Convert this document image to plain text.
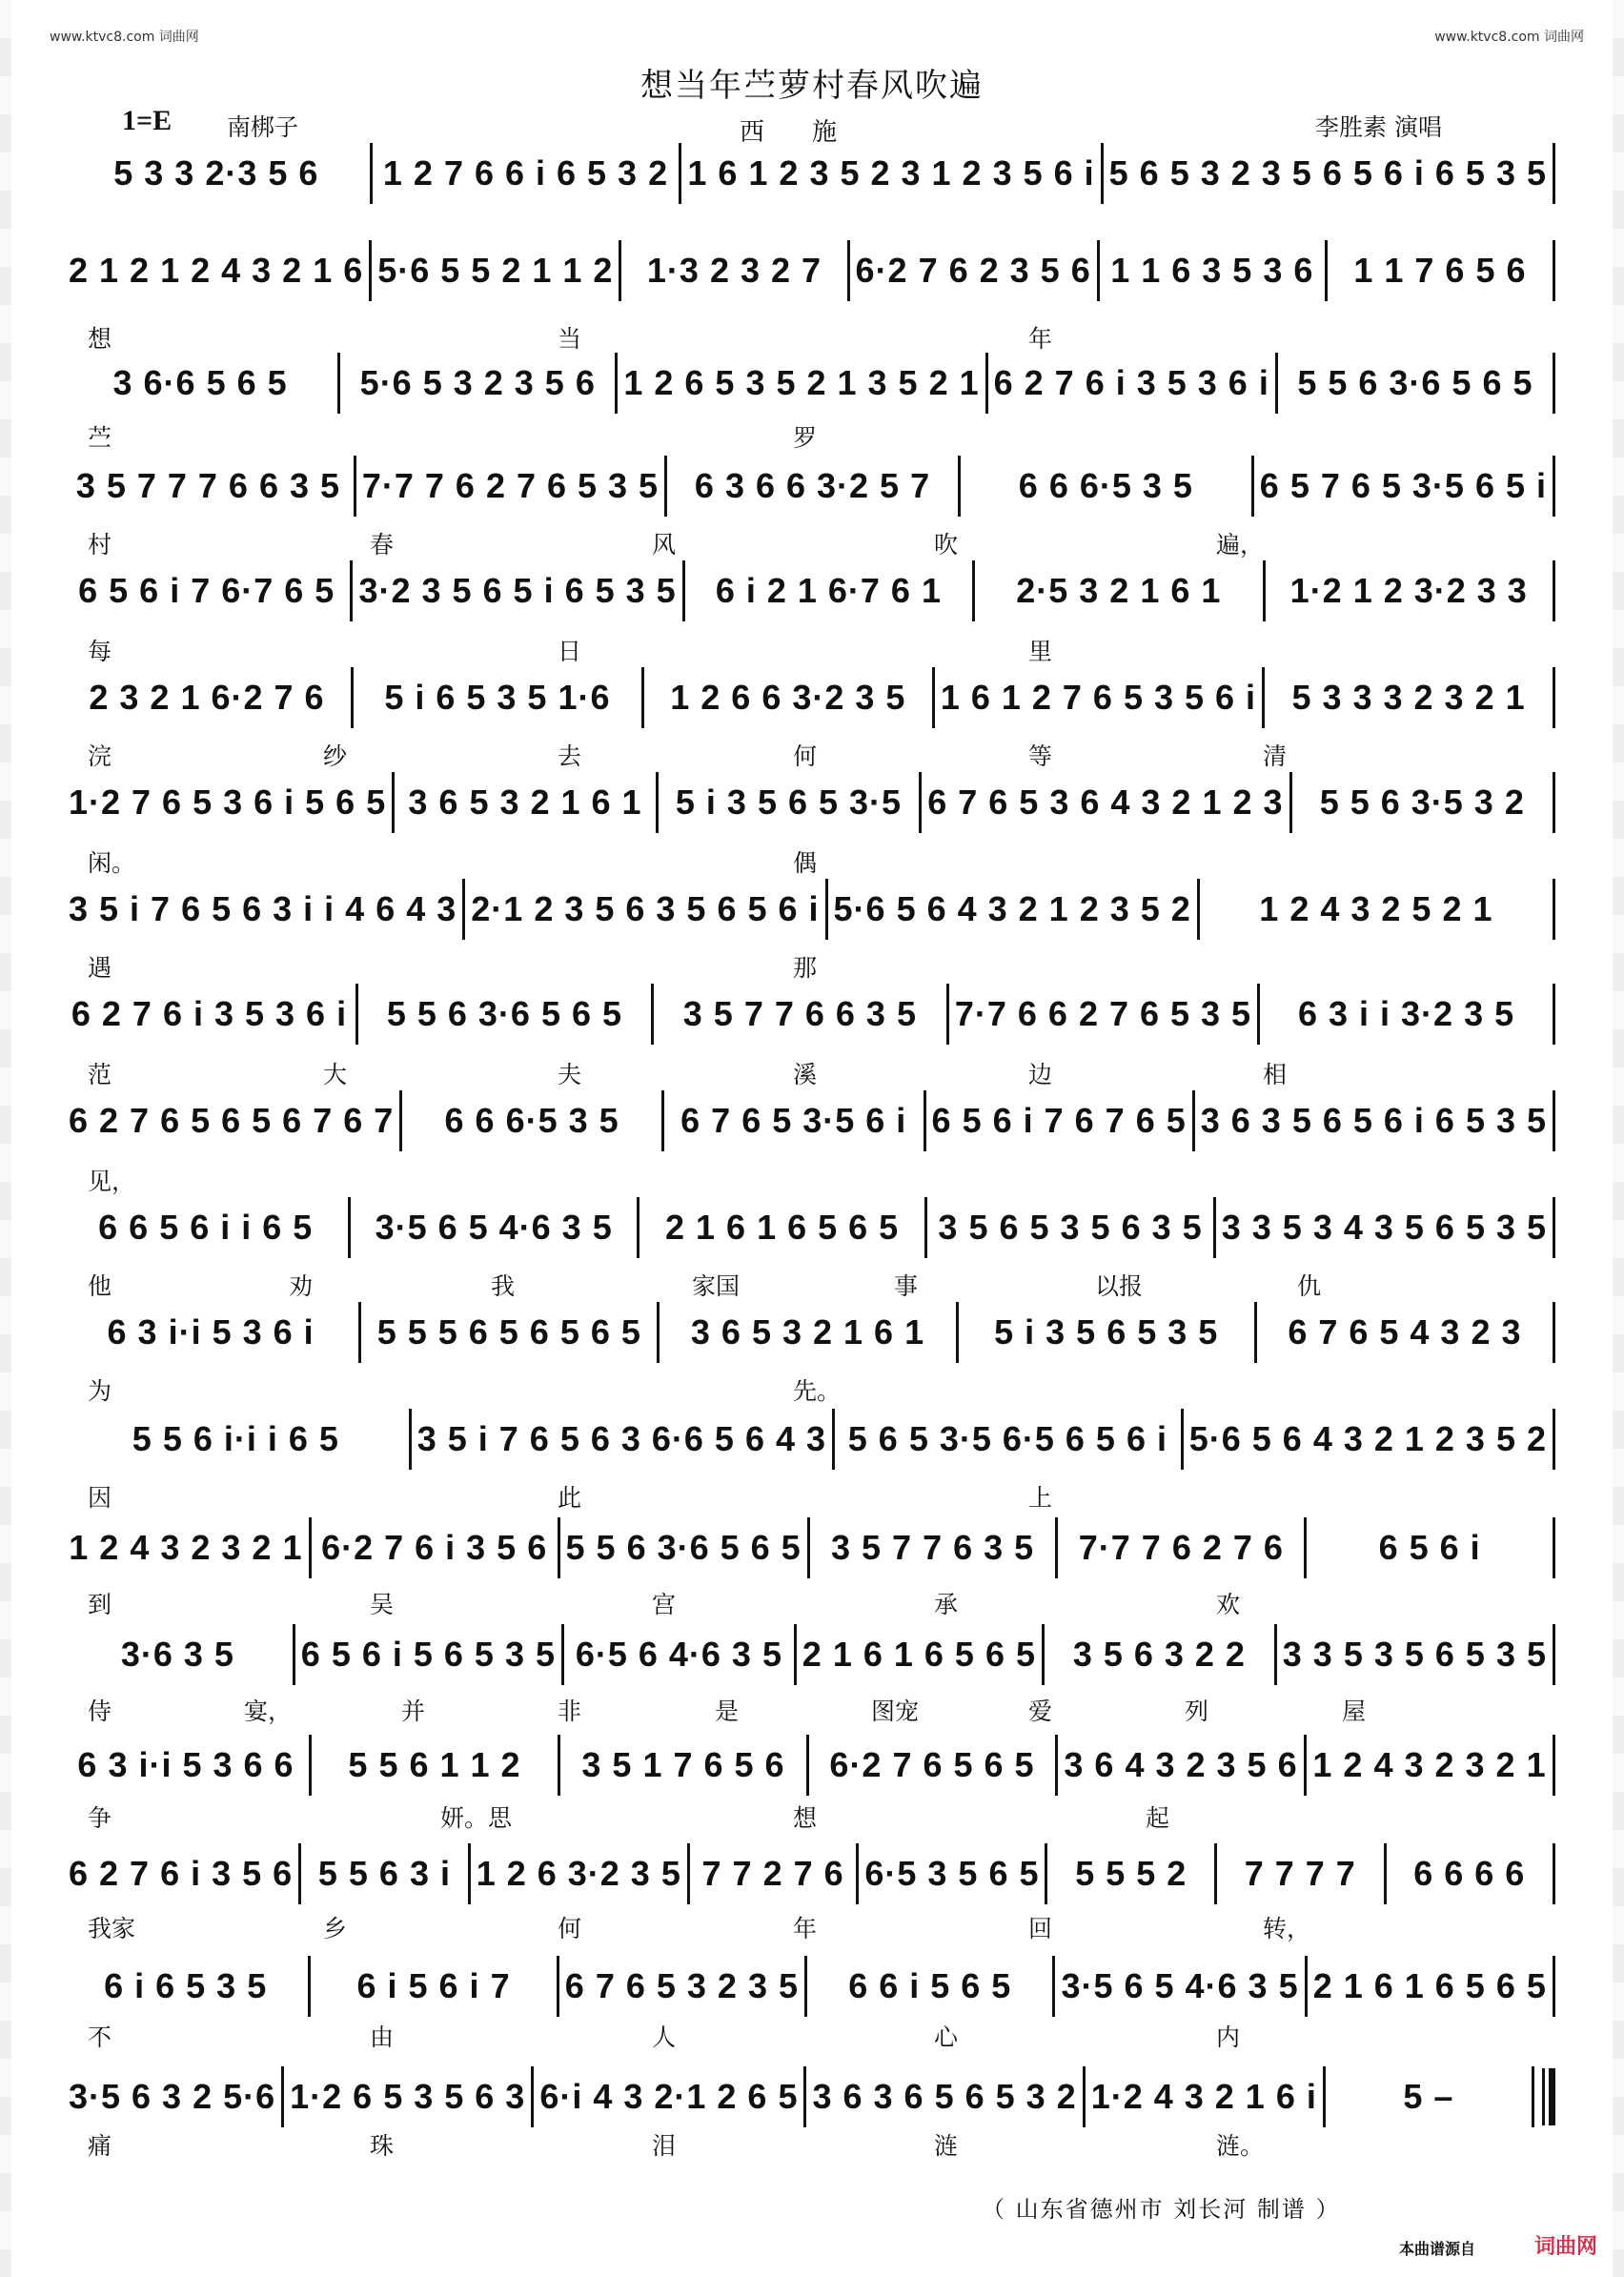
www.ktvc8.com 词曲网	www.ktvc8.com 词曲网
想当年苎萝村春风吹遍
1=E 南梆子	西施	李胜素 演唱
5 3 3 2·3 5 6	1 2 7 6 6 i 6 5 3 2 1 6 1 2 3 5 2 3 1 2 3 5 6 i 5 6 5 3 2 3 5 6 5 6 i 6 5 3 5
2 1 2 1 2 4 3 2 1 6 5·6 5 5 2 1 1 2 1·3 2 3 2 7 6·2 7 6 2 3 5 6 1 1 6 3 5 3 6	1 1 7 6 5 6
想	当	年
3 6·6 5 6 5	5·6 5 3 2 3 5 6 1 2 6 5 3 5 2 1 3 5 2 1 6 2 7 6 i 3 5 3 6 i 5 5 6 3·6 5 6 5
苎	罗
3 5 7 7 7 6 6 3 5 7·7 7 6 2 7 6 5 3 5	6 3 6 6 3·2 5 7	6 6 6·5 3 5	6 5 7 6 5 3·5 6 5 i
村	春	风	吹	遍，
6 5 6 i 7 6·7 6 5 3·2 3 5 6 5 i 6 5 3 5	6 i 2 1 6·7 6 1	2·5 3 2 1 6 1	1·2 1 2 3·2 3 3
每	日	里
2 3 2 1 6·2 7 6	5 i 6 5 3 5 1·6	1 2 6 6 3·2 3 5	1 6 1 2 7 6 5 3 5 6 i	5 3 3 3 2 3 2 1
浣	纱	去	何	等	清
1·2 7 6 5 3 6 i 5 6 5 3 6 5 3 2 1 6 1 5 i 3 5 6 5 3·5 6 7 6 5 3 6 4 3 2 1 2 3	5 5 6 3·5 3 2
闲。	偶
3 5 i 7 6 5 6 3 i i 4 6 4 3 2·1 2 3 5 6 3 5 6 5 6 i 5·6 5 6 4 3 2 1 2 3 5 2	1 2 4 3 2 5 2 1
遇	那
6 2 7 6 i 3 5 3 6 i	5 5 6 3·6 5 6 5	3 5 7 7 6 6 3 5	7·7 6 6 2 7 6 5 3 5	6 3 i i 3·2 3 5
范	大	夫	溪	边	相
6 2 7 6 5 6 5 6 7 6 7	6 6 6·5 3 5	6 7 6 5 3·5 6 i 6 5 6 i 7 6 7 6 5 3 6 3 5 6 5 6 i 6 5 3 5
见，
6 6 5 6 i i 6 5	3·5 6 5 4·6 3 5	2 1 6 1 6 5 6 5	3 5 6 5 3 5 6 3 5 3 3 5 3 4 3 5 6 5 3 5
他	劝	我	家国	事	以报	仇
6 3 i·i 5 3 6 i	5 5 5 6 5 6 5 6 5	3 6 5 3 2 1 6 1	5 i 3 5 6 5 3 5	6 7 6 5 4 3 2 3
为	先。
5 5 6 i·i i 6 5	3 5 i 7 6 5 6 3 6·6 5 6 4 3 5 6 5 3·5 6·5 6 5 6 i 5·6 5 6 4 3 2 1 2 3 5 2
因	此	上
1 2 4 3 2 3 2 1 6·2 7 6 i 3 5 6 5 5 6 3·6 5 6 5 3 5 7 7 6 3 5	7·7 7 6 2 7 6	6 5 6 i
到	吴	宫	承	欢
3·6 3 5	6 5 6 i 5 6 5 3 5 6·5 6 4·6 3 5 2 1 6 1 6 5 6 5	3 5 6 3 2 2	3 3 5 3 5 6 5 3 5
侍	宴，	并	非	是	图宠	爱	列	屋
6 3 i·i 5 3 6 6	5 5 6 1 1 2	3 5 1 7 6 5 6	6·2 7 6 5 6 5 3 6 4 3 2 3 5 6 1 2 4 3 2 3 2 1
争	妍。思	想	起
6 2 7 6 i 3 5 6 5 5 6 3 i 1 2 6 3·2 3 5 7 7 2 7 6 6·5 3 5 6 5	5 5 5 2	7 7 7 7	6 6 6 6
我家	乡	何	年	回	转，
6 i 6 5 3 5	6 i 5 6 i 7	6 7 6 5 3 2 3 5	6 6 i 5 6 5	3·5 6 5 4·6 3 5 2 1 6 1 6 5 6 5
不	由	人	心	内
3·5 6 3 2 5·6 1·2 6 5 3 5 6 3 6·i 4 3 2·1 2 6 5 3 6 3 6 5 6 5 3 2 1·2 4 3 2 1 6 i	5 –
痛	珠	泪	涟	涟。
（ 山东省德州市 刘长河 制谱 ）
本曲谱源自	词曲网
